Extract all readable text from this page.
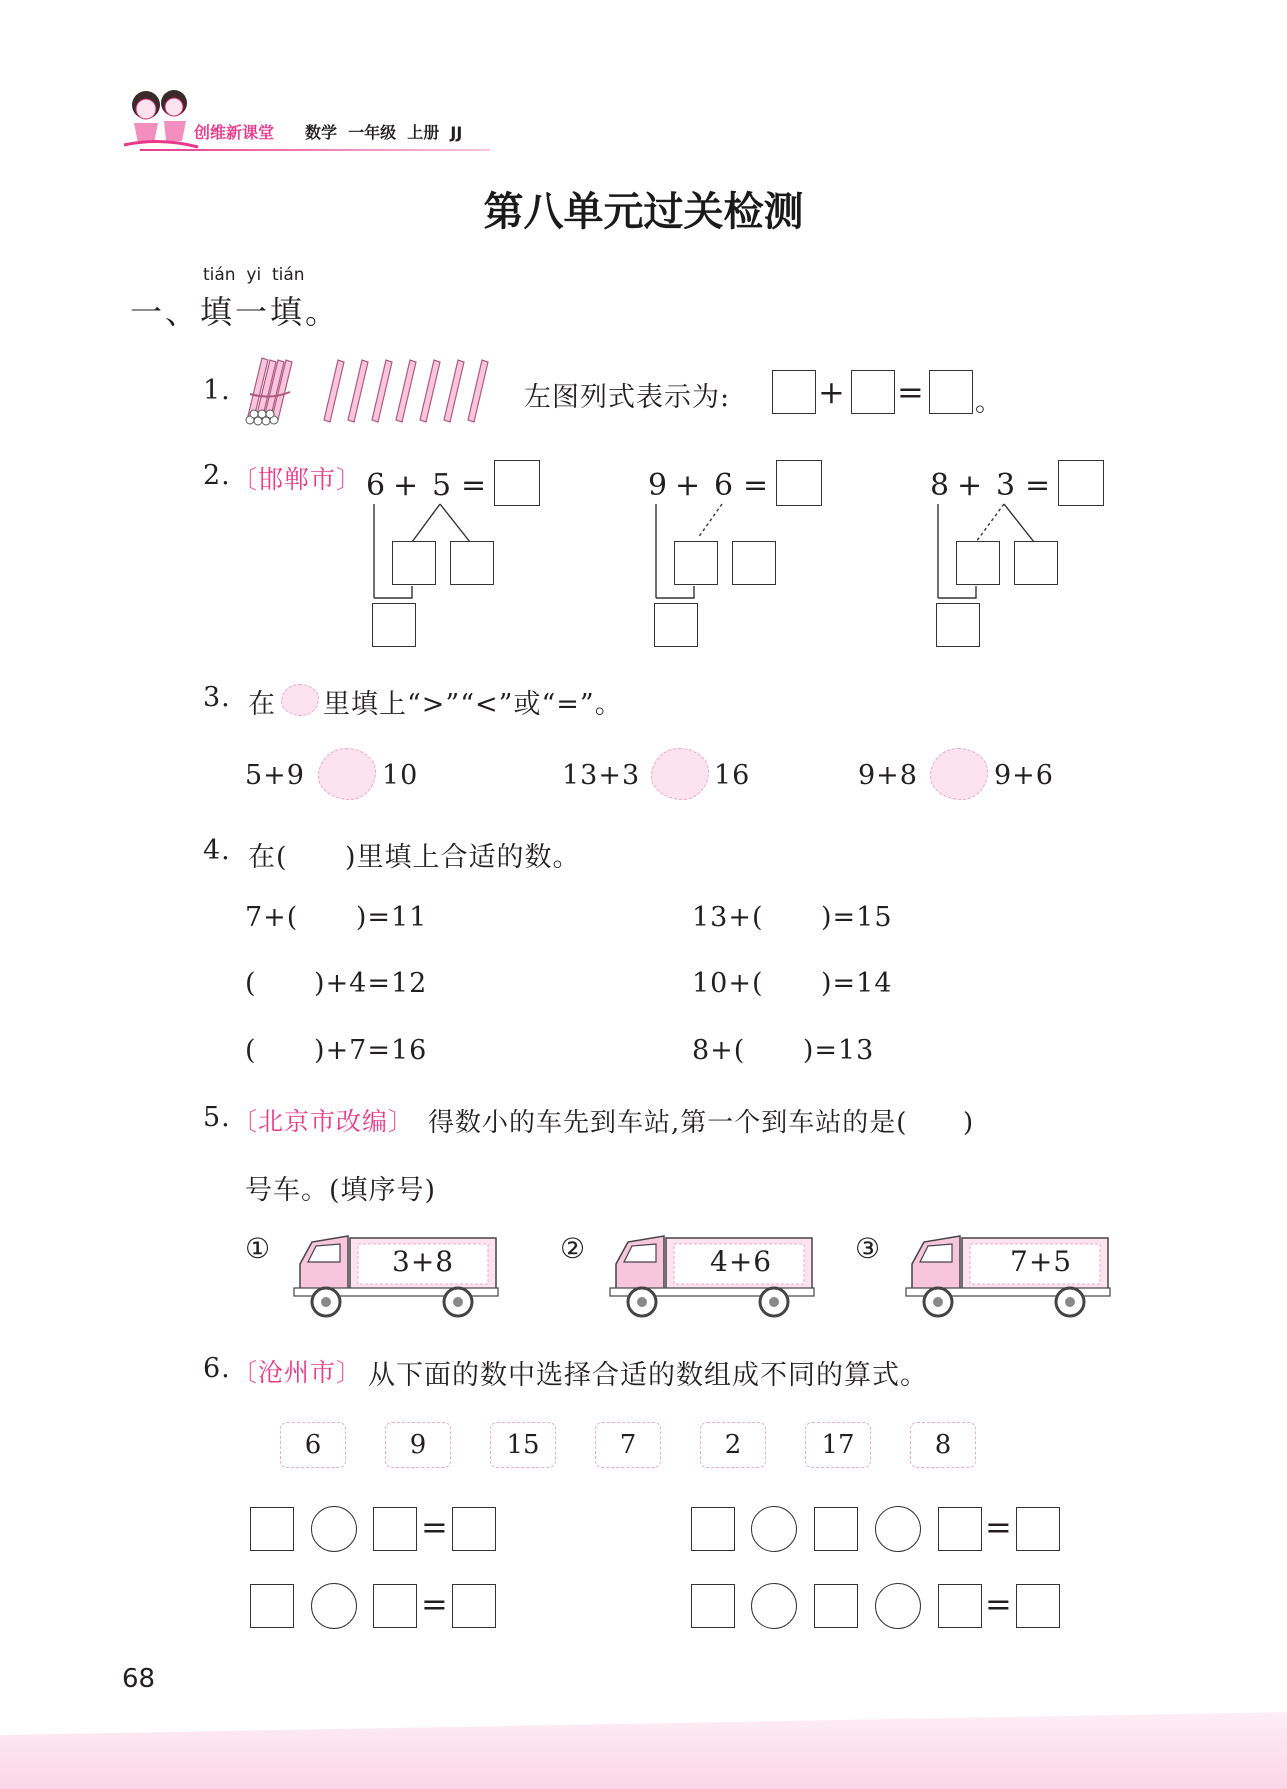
创维新课堂 数学  一年级  上册  JJ
第八单元过关检测
tián  yi  tián
一、填一填。
1.	左图列式表示为:	+ = 。
2. 〔邯郸市〕 6 + 5 =	9 + 6 =	8 + 3 =
3. 在 里填上“>”“<”或“=”。
5+9	10	13+3	16	9+8	9+6
4. 在(      )里填上合适的数。
7+(      )=11	13+(      )=15
(      )+4=12	10+(      )=14
(      )+7=16	8+(      )=13
5. 〔北京市改编〕 得数小的车先到车站,第一个到车站的是(      )
号车。(填序号)
①	3+8	②	4+6	③	7+5
6. 〔沧州市〕 从下面的数中选择合适的数组成不同的算式。
6	9	15	7	2	17	8
=
=
=
=
68
